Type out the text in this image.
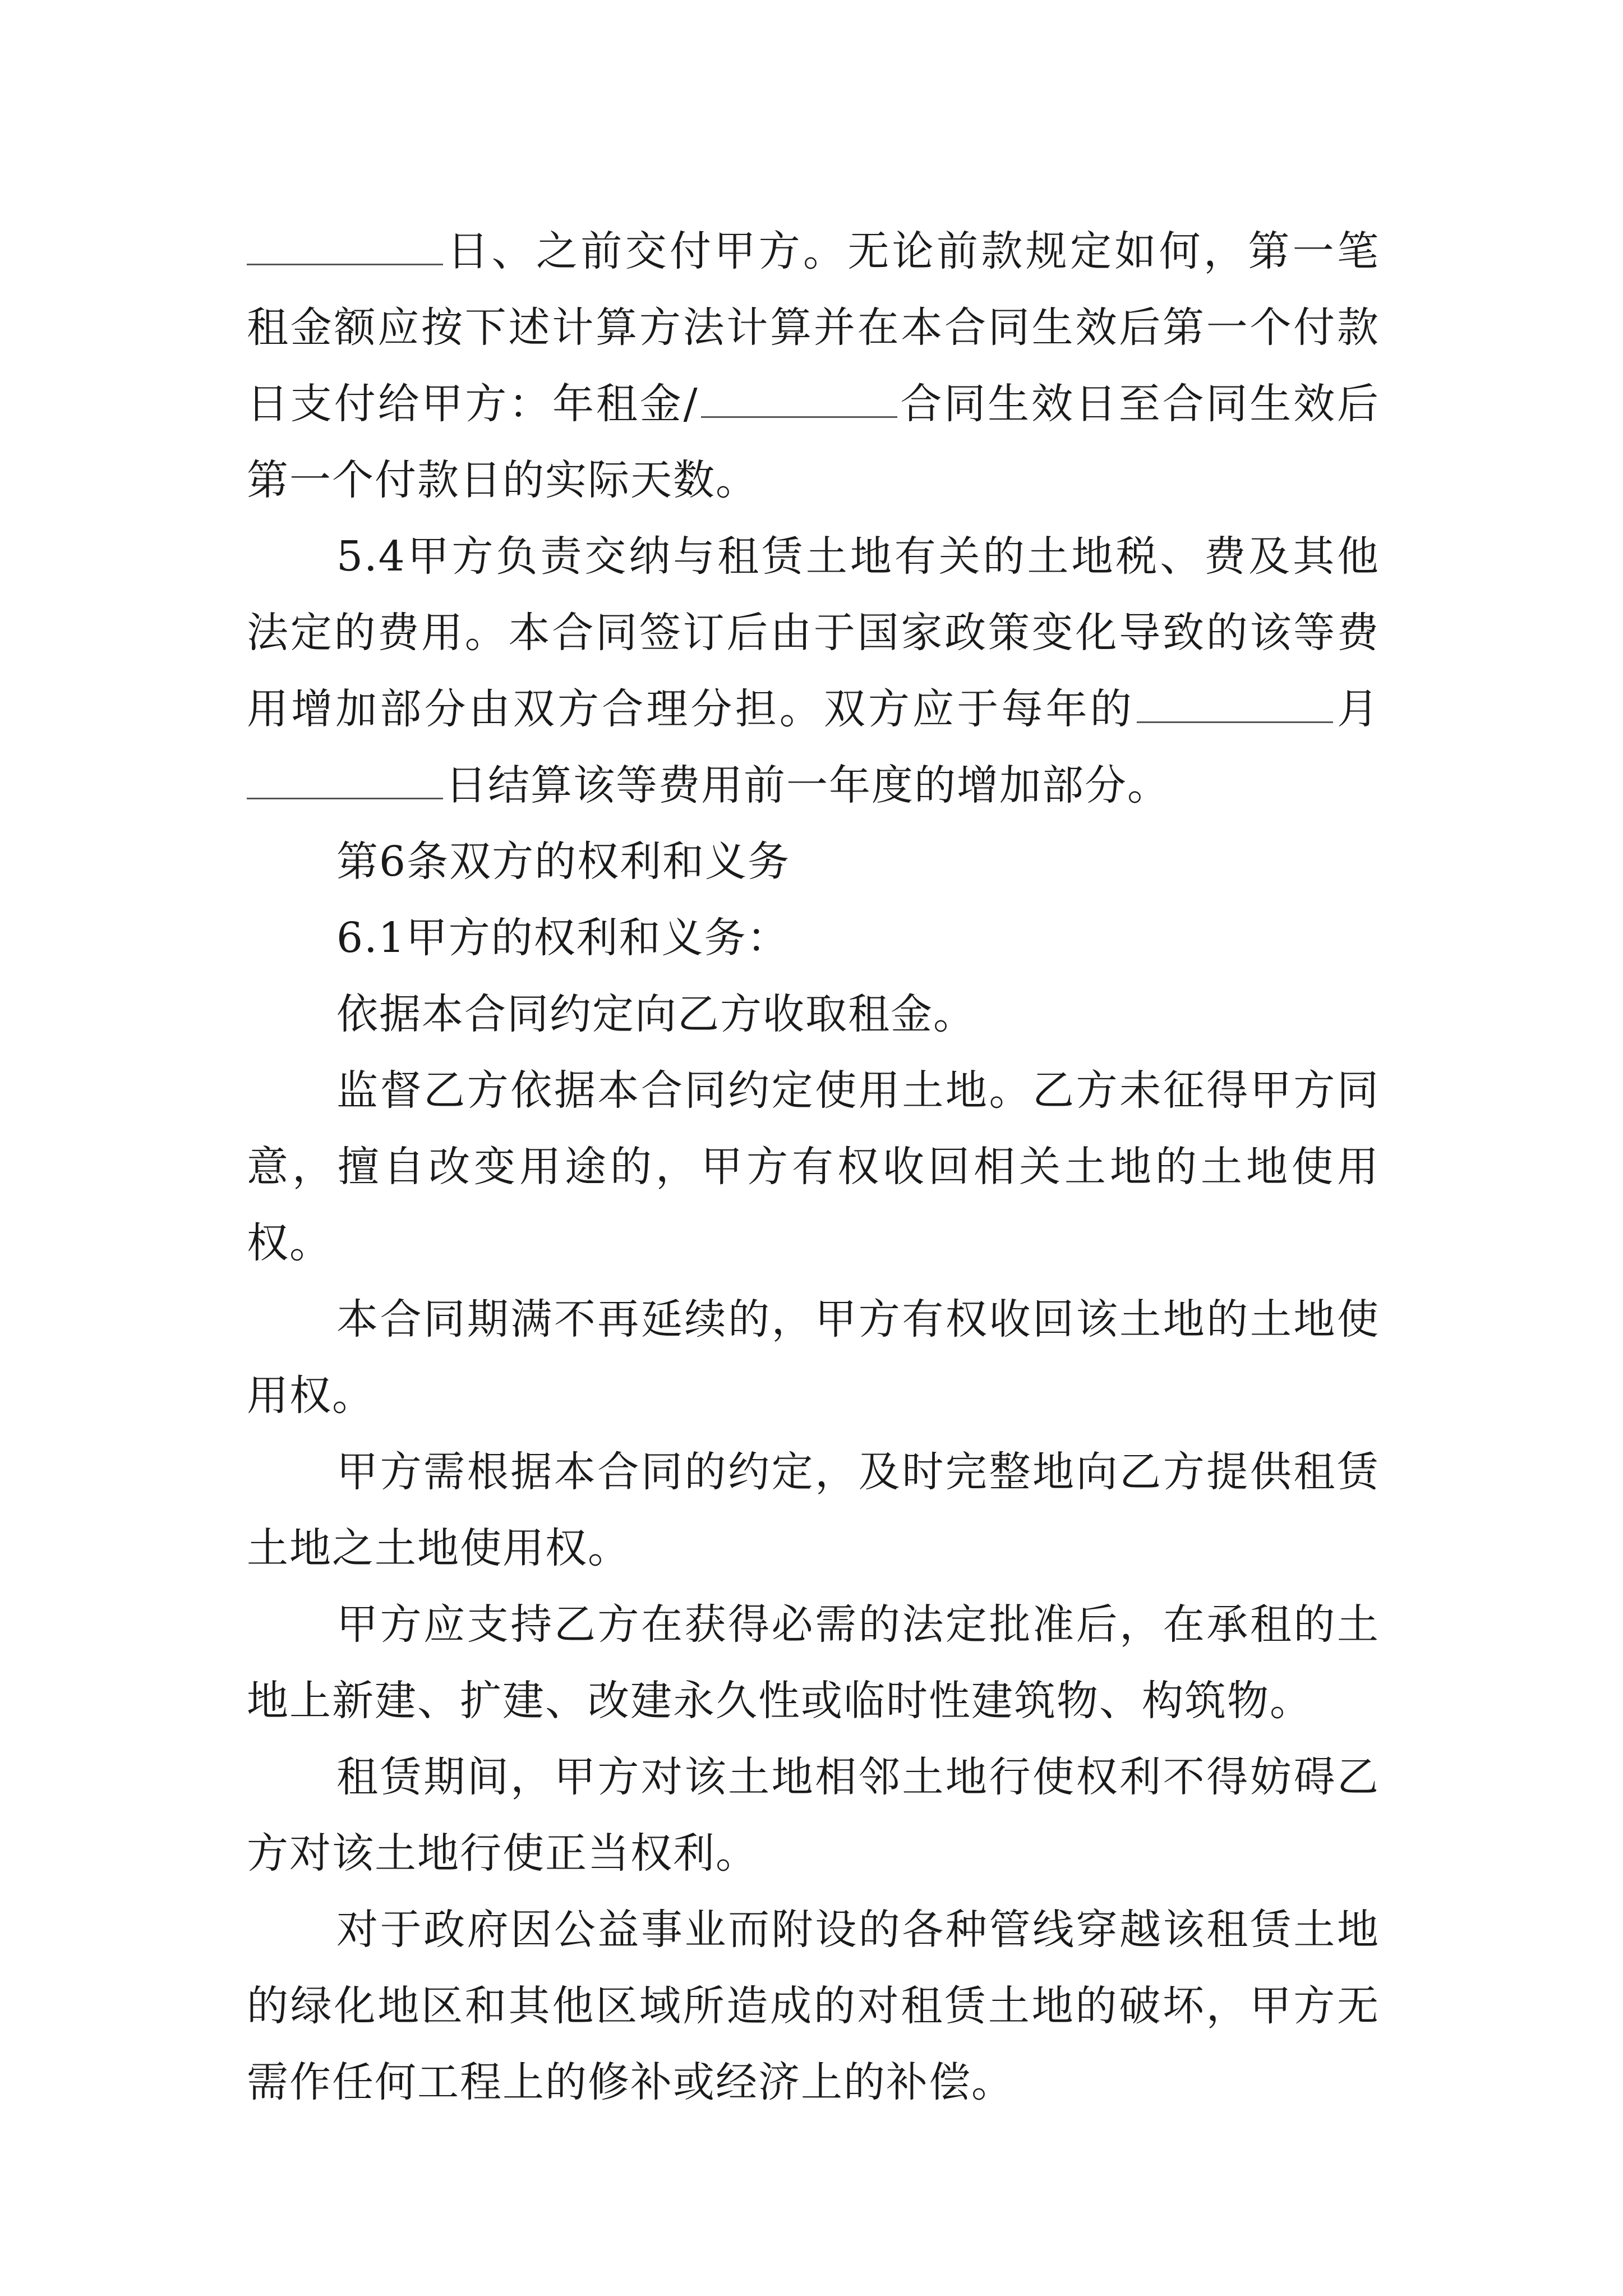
日、之前交付甲方。无论前款规定如何，第一笔租金额应按下述计算方法计算并在本合同生效后第一个付款日支付给甲方：年租金/	合同生效日至合同生效后第一个付款日的实际天数。

5.4甲方负责交纳与租赁土地有关的土地税、费及其他法定的费用。本合同签订后由于国家政策变化导致的该等费用增加部分由双方合理分担。双方应于每年的	月日结算该等费用前一年度的增加部分。

第6条双方的权利和义务

6.1甲方的权利和义务：

依据本合同约定向乙方收取租金。

监督乙方依据本合同约定使用土地。乙方未征得甲方同意，擅自改变用途的，甲方有权收回相关土地的土地使用权。

本合同期满不再延续的，甲方有权收回该土地的土地使用权。

甲方需根据本合同的约定，及时完整地向乙方提供租赁土地之土地使用权。

甲方应支持乙方在获得必需的法定批准后，在承租的土地上新建、扩建、改建永久性或临时性建筑物、构筑物。

租赁期间，甲方对该土地相邻土地行使权利不得妨碍乙方对该土地行使正当权利。

对于政府因公益事业而附设的各种管线穿越该租赁土地的绿化地区和其他区域所造成的对租赁土地的破坏，甲方无需作任何工程上的修补或经济上的补偿。
